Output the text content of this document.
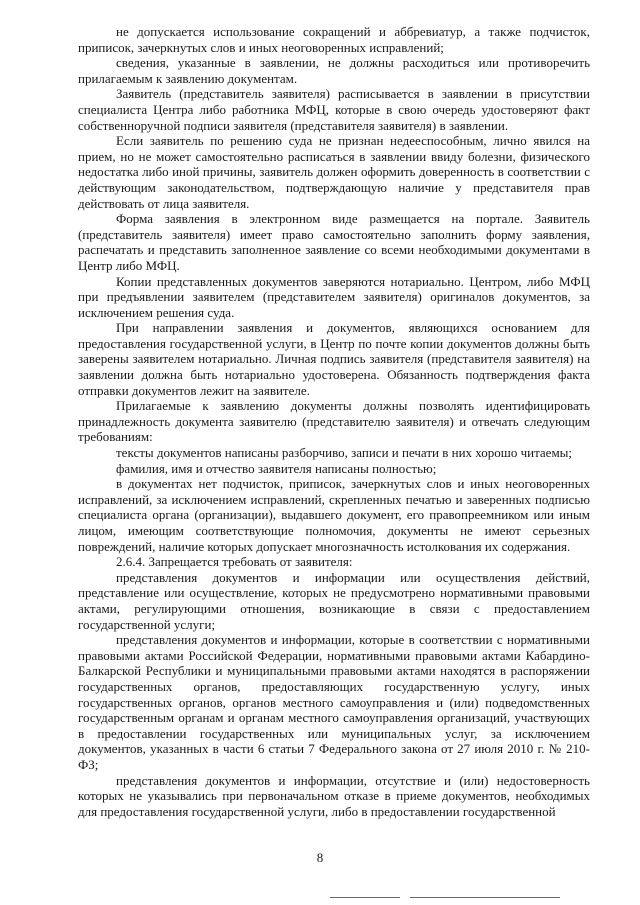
не допускается использование сокращений и аббревиатур, а также подчисток, приписок, зачеркнутых слов и иных неоговоренных исправлений;

сведения, указанные в заявлении, не должны расходиться или противоречить прилагаемым к заявлению документам.

Заявитель (представитель заявителя) расписывается в заявлении в присутствии специалиста Центра либо работника МФЦ, которые в свою очередь удостоверяют факт собственноручной подписи заявителя (представителя заявителя) в заявлении.

Если заявитель по решению суда не признан недееспособным, лично явился на прием, но не может самостоятельно расписаться в заявлении ввиду болезни, физического недостатка либо иной причины, заявитель должен оформить доверенность в соответствии с действующим законодательством, подтверждающую наличие у представителя прав действовать от лица заявителя.

Форма заявления в электронном виде размещается на портале. Заявитель (представитель заявителя) имеет право самостоятельно заполнить форму заявления, распечатать и представить заполненное заявление со всеми необходимыми документами в Центр либо МФЦ.

Копии представленных документов заверяются нотариально. Центром, либо МФЦ при предъявлении заявителем (представителем заявителя) оригиналов документов, за исключением решения суда.

При направлении заявления и документов, являющихся основанием для предоставления государственной услуги, в Центр по почте копии документов должны быть заверены заявителем нотариально. Личная подпись заявителя (представителя заявителя) на заявлении должна быть нотариально удостоверена. Обязанность подтверждения факта отправки документов лежит на заявителе.

Прилагаемые к заявлению документы должны позволять идентифицировать принадлежность документа заявителю (представителю заявителя) и отвечать следующим требованиям:

тексты документов написаны разборчиво, записи и печати в них хорошо читаемы;

фамилия, имя и отчество заявителя написаны полностью;

в документах нет подчисток, приписок, зачеркнутых слов и иных неоговоренных исправлений, за исключением исправлений, скрепленных печатью и заверенных подписью специалиста органа (организации), выдавшего документ, его правопреемником или иным лицом, имеющим соответствующие полномочия, документы не имеют серьезных повреждений, наличие которых допускает многозначность истолкования их содержания.

2.6.4. Запрещается требовать от заявителя:

представления документов и информации или осуществления действий, представление или осуществление, которых не предусмотрено нормативными правовыми актами, регулирующими отношения, возникающие в связи с предоставлением государственной услуги;

представления документов и информации, которые в соответствии с нормативными правовыми актами Российской Федерации, нормативными правовыми актами Кабардино-Балкарской Республики и муниципальными правовыми актами находятся в распоряжении государственных органов, предоставляющих государственную услугу, иных государственных органов, органов местного самоуправления и (или) подведомственных государственным органам и органам местного самоуправления организаций, участвующих в предоставлении государственных или муниципальных услуг, за исключением документов, указанных в части 6 статьи 7 Федерального закона от 27 июля 2010 г. № 210-ФЗ;

представления документов и информации, отсутствие и (или) недостоверность которых не указывались при первоначальном отказе в приеме документов, необходимых для предоставления государственной услуги, либо в предоставлении государственной

8
